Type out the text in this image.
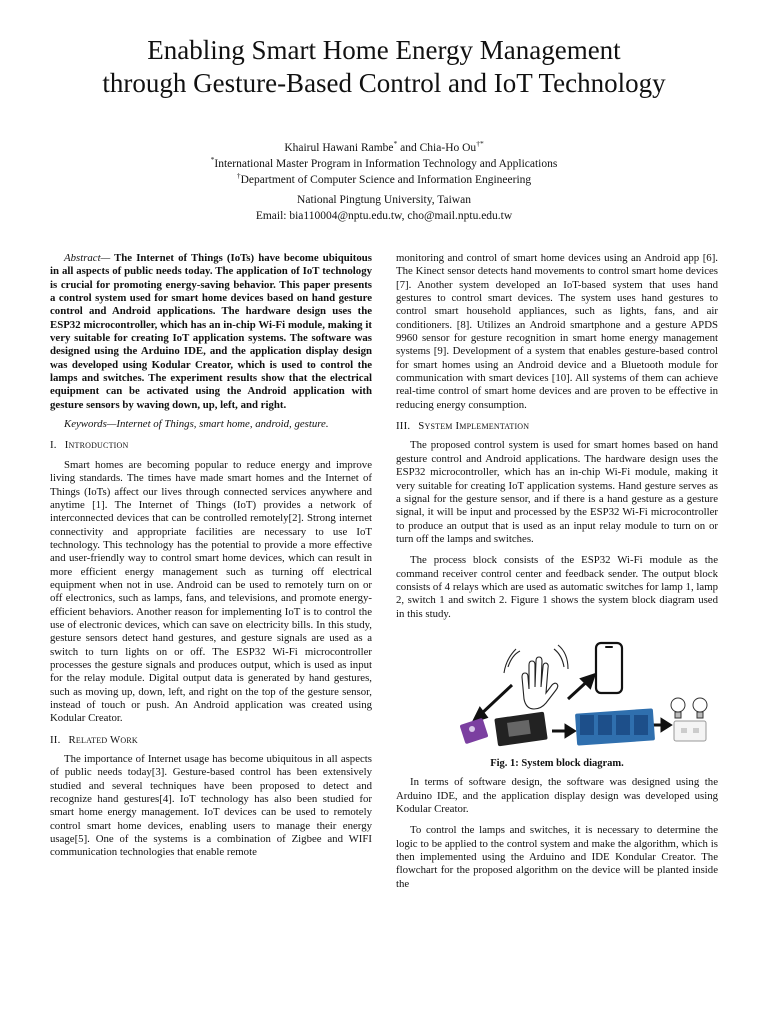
Enabling Smart Home Energy Management
through Gesture-Based Control and IoT Technology
Khairul Hawani Rambe* and Chia-Ho Ou†*
*International Master Program in Information Technology and Applications
†Department of Computer Science and Information Engineering
National Pingtung University, Taiwan
Email: bia110004@nptu.edu.tw, cho@mail.nptu.edu.tw

Abstract— The Internet of Things (IoTs) have become ubiquitous in all aspects of public needs today. The application of IoT technology is crucial for promoting energy-saving behavior. This paper presents a control system used for smart home devices based on hand gesture control and Android applications. The hardware design uses the ESP32 microcontroller, which has an in-chip Wi-Fi module, making it very suitable for creating IoT application systems. The software was designed using the Arduino IDE, and the application display design was developed using Kodular Creator, which is used to control the lamps and switches. The experiment results show that the electrical equipment can be activated using the Android application with gesture sensors by waving down, up, left, and right.

Keywords—Internet of Things, smart home, android, gesture.

I. Introduction

Smart homes are becoming popular to reduce energy and improve living standards. The times have made smart homes and the Internet of Things (IoTs) affect our lives through connected services anywhere and anytime [1]. The Internet of Things (IoT) provides a network of interconnected devices that can be controlled remotely[2]. Strong internet connectivity and appropriate facilities are necessary to use IoT technology. This technology has the potential to provide a more effective and user-friendly way to control smart home devices, which can result in more efficient energy management such as turning off electrical equipment when not in use. Android can be used to remotely turn on or off electronics, such as lamps, fans, and televisions, and promote energy-efficient behaviors. Another reason for implementing IoT is to control the use of electronic devices, which can save on electricity bills. In this study, gesture sensors detect hand gestures, and gesture signals are used as a switch to turn lights on or off. The ESP32 Wi-Fi microcontroller processes the gesture signals and produces output, which is used as input for the relay module. Digital output data is generated by hand gestures, such as moving up, down, left, and right on the top of the gesture sensor, instead of touch or push. An Android application was created using Kodular Creator.

II. Related Work

The importance of Internet usage has become ubiquitous in all aspects of public needs today[3]. Gesture-based control has been extensively studied and several techniques have been proposed to detect and recognize hand gestures[4]. IoT technology has also been studied for smart home energy management. IoT devices can be used to remotely control smart home devices, enabling users to manage their energy usage[5]. One of the systems is a combination of Zigbee and WIFI communication technologies that enable remote

monitoring and control of smart home devices using an Android app [6]. The Kinect sensor detects hand movements to control smart home devices [7]. Another system developed an IoT-based system that uses hand gestures to control smart devices. The system uses hand gestures to control smart household appliances, such as lights, fans, and air conditioners. [8]. Utilizes an Android smartphone and a gesture APDS 9960 sensor for gesture recognition in smart home energy management systems [9]. Development of a system that enables gesture-based control for smart homes using an Android device and a Bluetooth module for communication with smart devices [10]. All systems of them can achieve real-time control of smart home devices and are proven to be effective in reducing energy consumption.

III. System Implementation

The proposed control system is used for smart homes based on hand gesture control and Android applications. The hardware design uses the ESP32 microcontroller, which has an in-chip Wi-Fi module, making it very suitable for creating IoT application systems. Hand gesture serves as a signal for the gesture sensor, and if there is a hand gesture as a gesture signal, it will be input and processed by the ESP32 Wi-Fi microcontroller to produce an output that is used as an input relay module to turn on or turn off the lamps and switches.

The process block consists of the ESP32 Wi-Fi module as the command receiver control center and feedback sender. The output block consists of 4 relays which are used as automatic switches for lamp 1, lamp 2, switch 1 and switch 2. Figure 1 shows the system block diagram used in this study.

Fig. 1: System block diagram.

In terms of software design, the software was designed using the Arduino IDE, and the application display design was developed using Kodular Creator.

To control the lamps and switches, it is necessary to determine the logic to be applied to the control system and make the algorithm, which is then implemented using the Arduino and IDE Kondular Creator. The flowchart for the proposed algorithm on the device will be planted inside the
